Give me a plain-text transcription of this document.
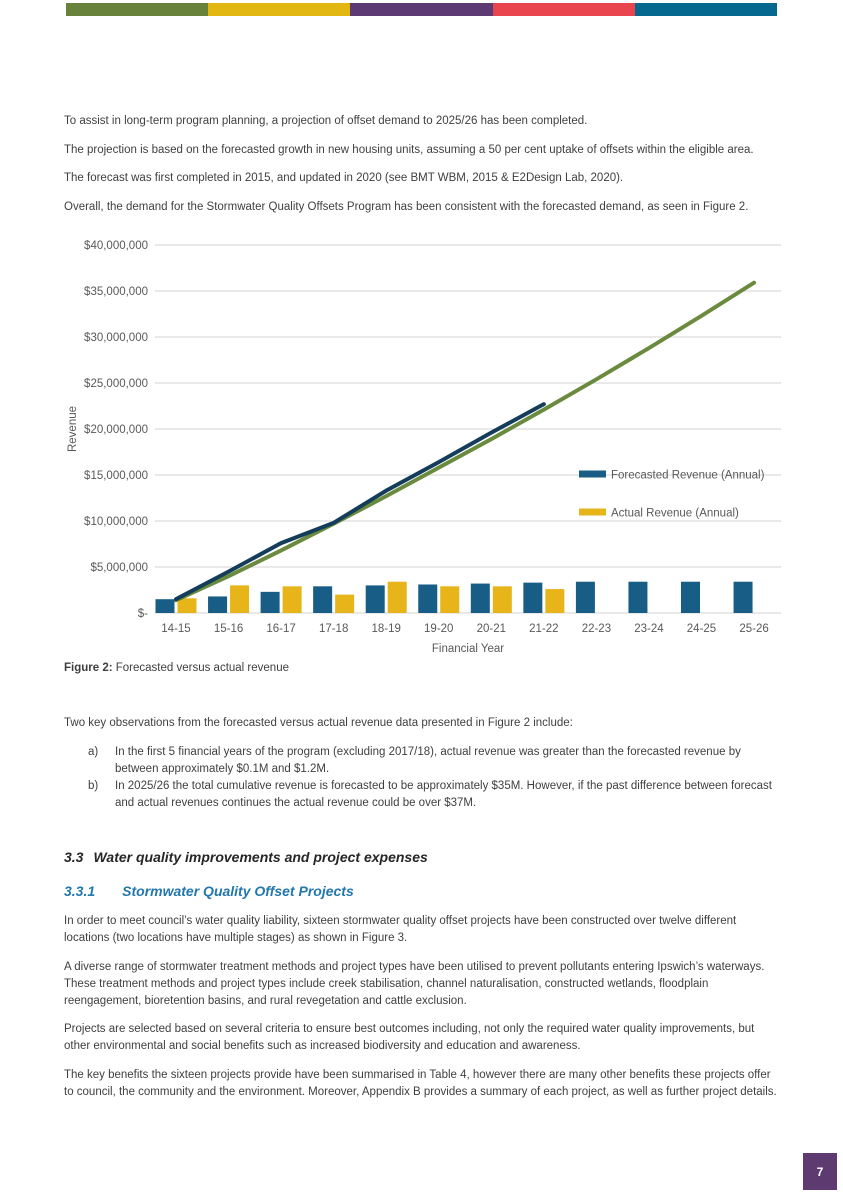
To assist in long-term program planning, a projection of offset demand to 2025/26 has been completed.

The projection is based on the forecasted growth in new housing units, assuming a 50 per cent uptake of offsets within the eligible area.

The forecast was first completed in 2015, and updated in 2020 (see BMT WBM, 2015 & E2Design Lab, 2020).

Overall, the demand for the Stormwater Quality Offsets Program has been consistent with the forecasted demand, as seen in Figure 2.

$-
$5,000,000
$10,000,000
$15,000,000
$20,000,000
$25,000,000
$30,000,000
$35,000,000
$40,000,000
14-15 15-16 16-17 17-18 18-19 19-20 20-21 21-22 22-23 23-24 24-25 25-26
Financial Year
Revenue
Forecasted Revenue (Annual)
Actual Revenue (Annual)
Figure 2: Forecasted versus actual revenue

Two key observations from the forecasted versus actual revenue data presented in Figure 2 include:

a)	In the first 5 financial years of the program (excluding 2017/18), actual revenue was greater than the forecasted revenue by between approximately $0.1M and $1.2M.
b)	In 2025/26 the total cumulative revenue is forecasted to be approximately $35M. However, if the past difference between forecast and actual revenues continues the actual revenue could be over $37M.
3.3 Water quality improvements and project expenses
3.3.1 Stormwater Quality Offset Projects

In order to meet council’s water quality liability, sixteen stormwater quality offset projects have been constructed over twelve different locations (two locations have multiple stages) as shown in Figure 3.

A diverse range of stormwater treatment methods and project types have been utilised to prevent pollutants entering Ipswich’s waterways. These treatment methods and project types include creek stabilisation, channel naturalisation, constructed wetlands, floodplain reengagement, bioretention basins, and rural revegetation and cattle exclusion.

Projects are selected based on several criteria to ensure best outcomes including, not only the required water quality improvements, but other environmental and social benefits such as increased biodiversity and education and awareness.

The key benefits the sixteen projects provide have been summarised in Table 4, however there are many other benefits these projects offer to council, the community and the environment. Moreover, Appendix B provides a summary of each project, as well as further project details.

7
